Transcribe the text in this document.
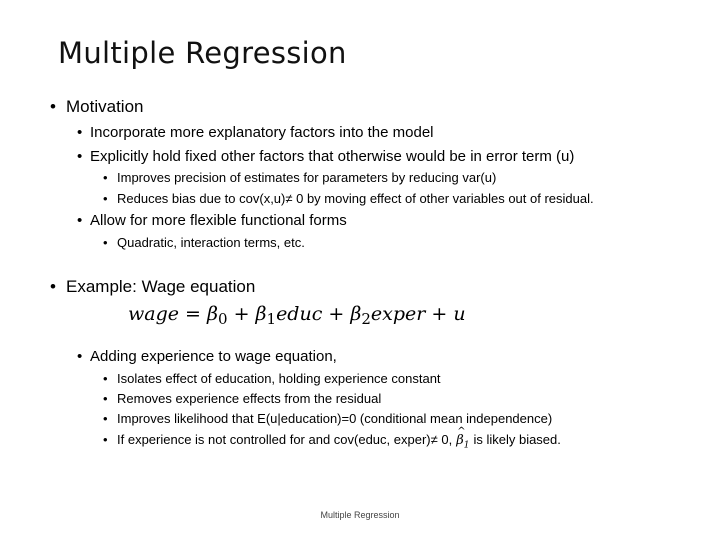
Multiple Regression
• Motivation
• Incorporate more explanatory factors into the model
• Explicitly hold fixed other factors that otherwise would be in error term (u)
• Improves precision of estimates for parameters by reducing var(u)
• Reduces bias due to cov(x,u)≠ 0 by moving effect of other variables out of residual.
• Allow for more flexible functional forms
• Quadratic, interaction terms, etc.
• Example: Wage equation
wage = $\beta_0$ + $\beta_1educ$ + $\beta_2exper + u$
• Adding experience to wage equation,
• Isolates effect of education, holding experience constant
• Removes experience effects from the residual
• Improves likelihood that E(u|education)=0 (conditional mean independence)
• If experience is not controlled for and cov(educ, exper)≠ 0,
^
$\beta_1$ is likely biased.
Multiple Regression
